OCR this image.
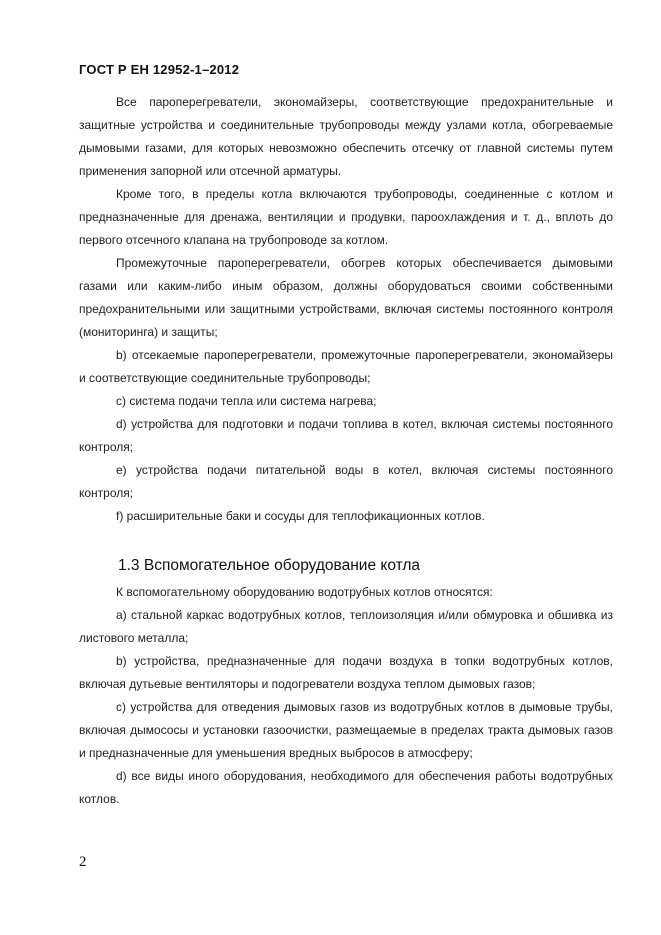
ГОСТ Р ЕН 12952-1–2012

Все пароперегреватели, экономайзеры, соответствующие предохранительные и защитные устройства и соединительные трубопроводы между узлами котла, обогреваемые дымовыми газами, для которых невозможно обеспечить отсечку от главной системы путем применения запорной или отсечной арматуры.

Кроме того, в пределы котла включаются трубопроводы, соединенные с котлом и предназначенные для дренажа, вентиляции и продувки, пароохлаждения и т. д., вплоть до первого отсечного клапана на трубопроводе за котлом.

Промежуточные пароперегреватели, обогрев которых обеспечивается дымовыми газами или каким-либо иным образом, должны оборудоваться своими собственными предохранительными или защитными устройствами, включая системы постоянного контроля (мониторинга) и защиты;

b) отсекаемые пароперегреватели, промежуточные пароперегреватели, экономайзеры и соответствующие соединительные трубопроводы;

c) система подачи тепла или система нагрева;

d) устройства для подготовки и подачи топлива в котел, включая системы постоянного контроля;

e) устройства подачи питательной воды в котел, включая системы постоянного контроля;

f) расширительные баки и сосуды для теплофикационных котлов.

1.3 Вспомогательное оборудование котла

К вспомогательному оборудованию водотрубных котлов относятся:

a) стальной каркас водотрубных котлов, теплоизоляция и/или обмуровка и обшивка из листового металла;

b) устройства, предназначенные для подачи воздуха в топки водотрубных котлов, включая дутьевые вентиляторы и подогреватели воздуха теплом дымовых газов;

c) устройства для отведения дымовых газов из водотрубных котлов в дымовые трубы, включая дымососы и установки газоочистки, размещаемые в пределах тракта дымовых газов и предназначенные для уменьшения вредных выбросов в атмосферу;

d) все виды иного оборудования, необходимого для обеспечения работы водотрубных котлов.

2
